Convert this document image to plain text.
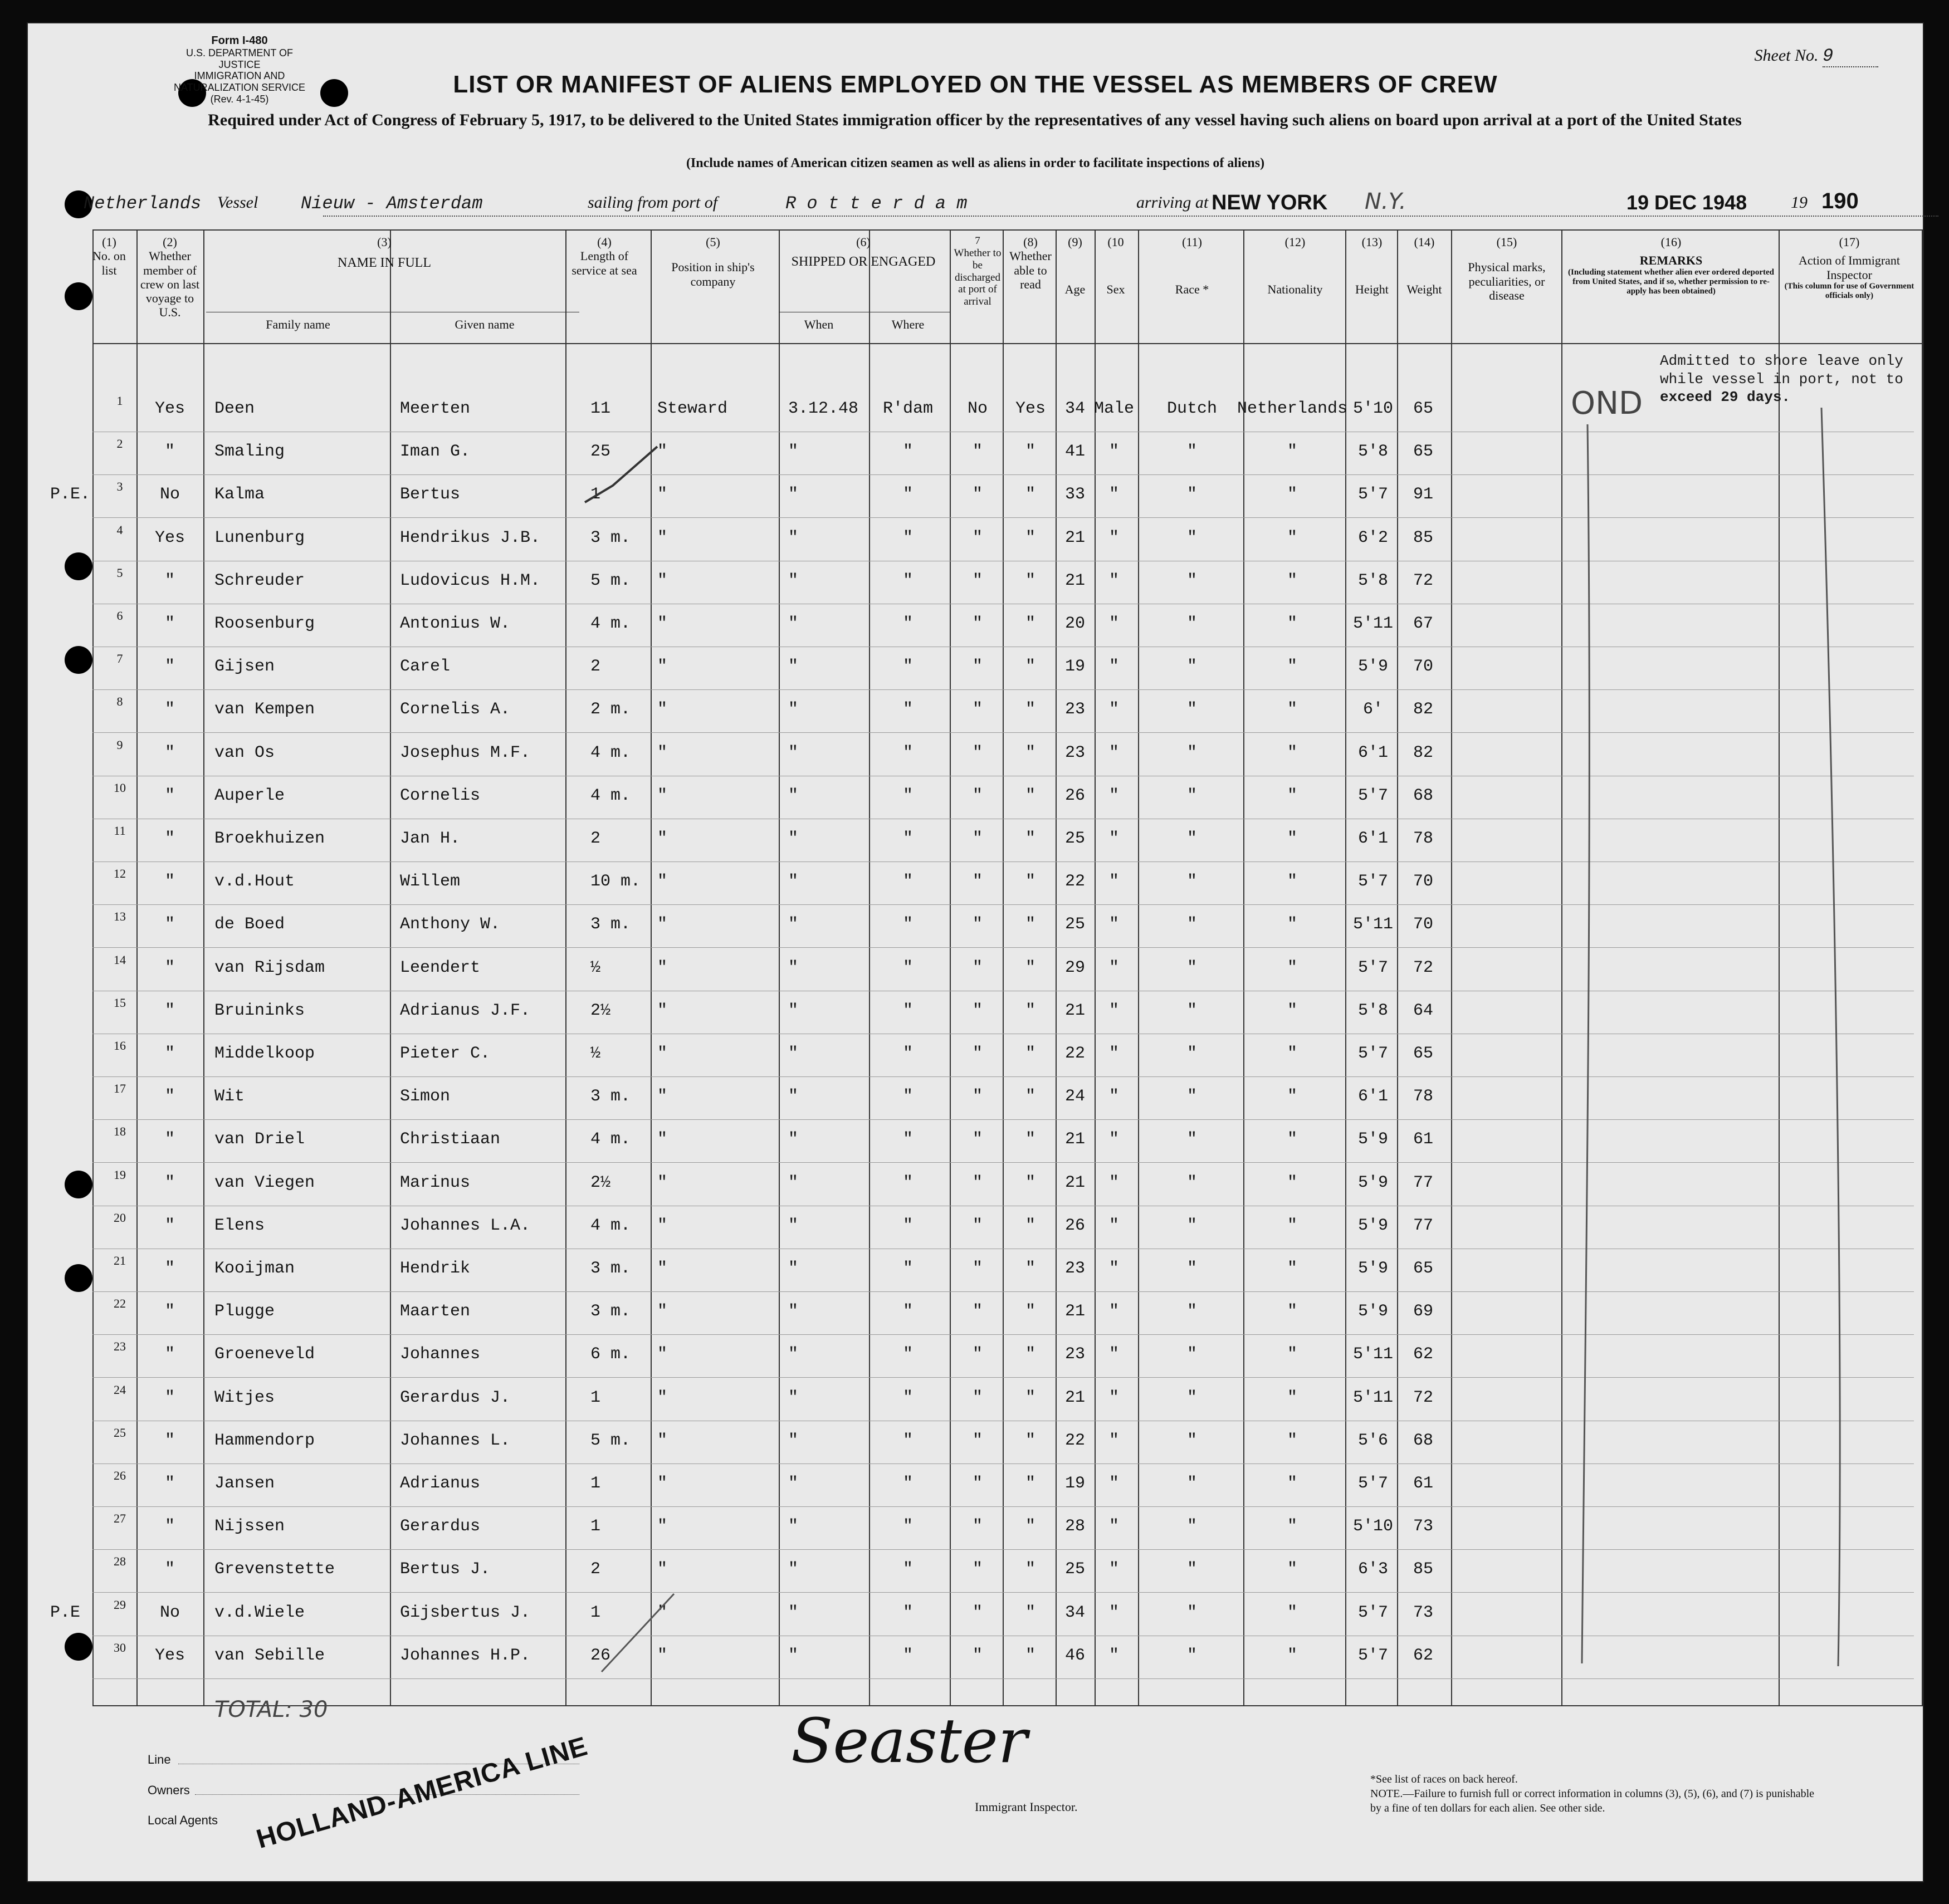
Form I-480
U.S. DEPARTMENT OF JUSTICE
IMMIGRATION AND NATURALIZATION SERVICE
(Rev. 4-1-45)
Sheet No. 9
LIST OR MANIFEST OF ALIENS EMPLOYED ON THE VESSEL AS MEMBERS OF CREW
Required under Act of Congress of February 5, 1917, to be delivered to the United States immigration officer by the representatives of any vessel having such aliens on board upon arrival at a port of the United States
(Include names of American citizen seamen as well as aliens in order to facilitate inspections of aliens)
Netherlands Vessel Nieuw - Amsterdam	sailing from port of	R o t t e r d a m	arriving at NEW YORK N.Y.	19 DEC 1948	19 190
(1)
No. on list
(2)
Whether member of crew on last voyage to U.S.
(3)
NAME IN FULL
Family name	Given name
(4)
Length of service at sea
(5)
Position in ship's company
(6)
SHIPPED OR ENGAGED
When	Where
7
Whether to be discharged at port of arrival
(8)
Whether able to read
(9)
Age
(10
Sex
(11)
Race *
(12)
Nationality
(13)
Height
(14)
Weight
(15)
Physical marks, peculiarities, or disease
(16)
REMARKS
(Including statement whether alien ever ordered deported from United States, and if so, whether permission to re-apply has been obtained)
(17)
Action of Immigrant Inspector
(This column for use of Government officials only)
1 Yes Deen	Meerten	11	Steward	3.12.48 R'dam No Yes 34 Male Dutch Netherlands 5'10 65
2	" Smaling	Iman G.	25	"	"	"	"	" 41 "	"	"	5'8 65
3 No Kalma	Bertus	1	"	"	"	"	" 33 "	"	"	5'7 91
P.E.
4 Yes Lunenburg	Hendrikus J.B.	3 m. "	"	"	"	" 21 "	"	"	6'2 85
5	" Schreuder	Ludovicus H.M.	5 m. "	"	"	"	" 21 "	"	"	5'8 72
6	" Roosenburg	Antonius W.	4 m. "	"	"	"	" 20 "	"	"	5'11 67
7	" Gijsen	Carel	2	"	"	"	"	" 19 "	"	"	5'9 70
8	" van Kempen	Cornelis A.	2 m. "	"	"	"	" 23 "	"	"	6' 82
9	" van Os	Josephus M.F.	4 m. "	"	"	"	" 23 "	"	"	6'1 82
10 " Auperle	Cornelis	4 m. "	"	"	"	" 26 "	"	"	5'7 68
11 " Broekhuizen	Jan H.	2	"	"	"	"	" 25 "	"	"	6'1 78
12 " v.d.Hout	Willem	10 m. "	"	"	"	" 22 "	"	"	5'7 70
13 " de Boed	Anthony W.	3 m. "	"	"	"	" 25 "	"	"	5'11 70
14 " van Rijsdam	Leendert	½	"	"	"	"	" 29 "	"	"	5'7 72
15 " Bruininks	Adrianus J.F.	2½	"	"	"	"	" 21 "	"	"	5'8 64
16 " Middelkoop	Pieter C.	½	"	"	"	"	" 22 "	"	"	5'7 65
17 " Wit	Simon	3 m. "	"	"	"	" 24 "	"	"	6'1 78
18 " van Driel	Christiaan	4 m. "	"	"	"	" 21 "	"	"	5'9 61
19 " van Viegen	Marinus	2½	"	"	"	"	" 21 "	"	"	5'9 77
20 " Elens	Johannes L.A.	4 m. "	"	"	"	" 26 "	"	"	5'9 77
21 " Kooijman	Hendrik	3 m. "	"	"	"	" 23 "	"	"	5'9 65
22 " Plugge	Maarten	3 m. "	"	"	"	" 21 "	"	"	5'9 69
23 " Groeneveld	Johannes	6 m. "	"	"	"	" 23 "	"	"	5'11 62
24 " Witjes	Gerardus J.	1	"	"	"	"	" 21 "	"	"	5'11 72
25 " Hammendorp	Johannes L.	5 m. "	"	"	"	" 22 "	"	"	5'6 68
26 " Jansen	Adrianus	1	"	"	"	"	" 19 "	"	"	5'7 61
27 " Nijssen	Gerardus	1	"	"	"	"	" 28 "	"	"	5'10 73
28 " Grevenstette	Bertus J.	2	"	"	"	"	" 25 "	"	"	6'3 85
29 No v.d.Wiele	Gijsbertus J.	1	"	"	"	"	" 34 "	"	"	5'7 73
P.E
30 Yes van Sebille	Johannes H.P.	26	"	"	"	"	" 46 "	"	"	5'7 62
Admitted to shore leave only
while vessel in port, not to
exceed 29 days.
OND
TOTAL: 30
Line
Owners
Local Agents HOLLAND-AMERICA LINE	Seaster
Immigrant Inspector.
*See list of races on back hereof.
NOTE.—Failure to furnish full or correct information in columns (3), (5), (6), and (7) is punishable by a fine of ten dollars for each alien. See other side.
